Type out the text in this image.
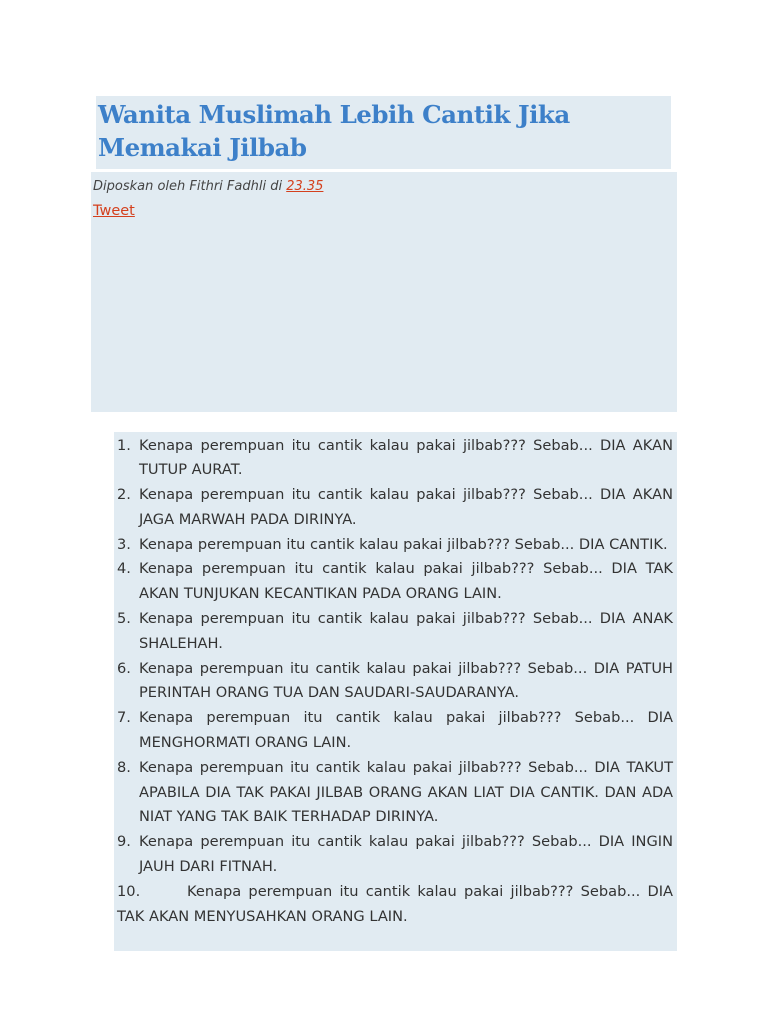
Wanita Muslimah Lebih Cantik Jika Memakai Jilbab
Diposkan oleh Fithri Fadhli di 23.35
Tweet
1. Kenapa perempuan itu cantik kalau pakai jilbab??? Sebab... DIA AKAN TUTUP AURAT.
2. Kenapa perempuan itu cantik kalau pakai jilbab??? Sebab... DIA AKAN JAGA MARWAH PADA DIRINYA.
3. Kenapa perempuan itu cantik kalau pakai jilbab??? Sebab... DIA CANTIK.
4. Kenapa perempuan itu cantik kalau pakai jilbab??? Sebab... DIA TAK AKAN TUNJUKAN KECANTIKAN PADA ORANG LAIN.
5. Kenapa perempuan itu cantik kalau pakai jilbab??? Sebab... DIA ANAK SHALEHAH.
6. Kenapa perempuan itu cantik kalau pakai jilbab??? Sebab... DIA PATUH PERINTAH ORANG TUA DAN SAUDARI-SAUDARANYA.
7. Kenapa perempuan itu cantik kalau pakai jilbab??? Sebab... DIA MENGHORMATI ORANG LAIN.
8. Kenapa perempuan itu cantik kalau pakai jilbab??? Sebab... DIA TAKUT APABILA DIA TAK PAKAI JILBAB ORANG AKAN LIAT DIA CANTIK. DAN ADA NIAT YANG TAK BAIK TERHADAP DIRINYA.
9. Kenapa perempuan itu cantik kalau pakai jilbab??? Sebab... DIA INGIN JAUH DARI FITNAH.
10.	Kenapa perempuan itu cantik kalau pakai jilbab??? Sebab... DIA TAK AKAN MENYUSAHKAN ORANG LAIN.
